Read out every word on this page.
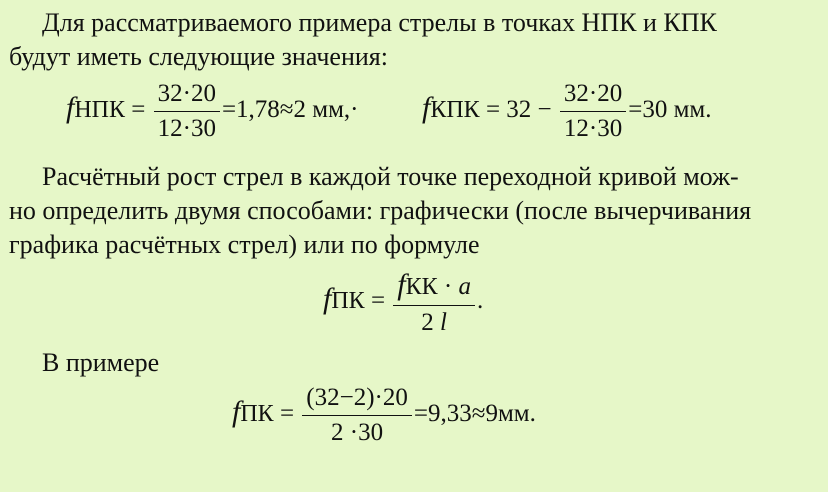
Для рассматриваемого примера стрелы в точках НПК и КПК
будут иметь следующие значения:
fНПК = $\frac{32\cdot 20}{12\cdot 30} =1,78\approx 2$ мм,· fКПК = $32 - \frac{32\cdot 20}{12\cdot 30} =30$ мм.
Расчётный рост стрел в каждой точке переходной кривой мож-
но определить двумя способами: графически (после вычерчивания
графика расчётных стрел) или по формуле
fПК = $\frac{\text{fКК · a}}{2 l}$ .
В примере
fПК = $\frac{(32-2)\cdot 20}{2 \cdot 30} =9,33\approx 9мм$.
